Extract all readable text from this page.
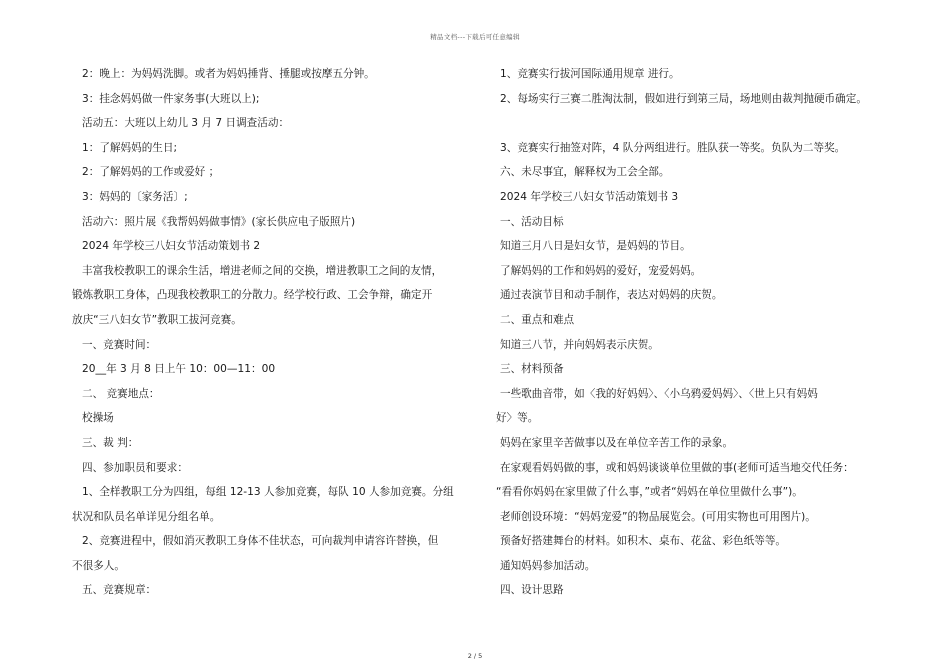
精品文档---下载后可任意编辑
2：晚上：为妈妈洗脚。或者为妈妈捶背、捶腿或按摩五分钟。
3：挂念妈妈做一件家务事(大班以上);
活动五：大班以上幼儿 3 月 7 日调查活动：
1：了解妈妈的生日;
2：了解妈妈的工作或爱好 ；
3：妈妈的〔家务活〕;
活动六：照片展《我帮妈妈做事情》(家长供应电子版照片)
2024 年学校三八妇女节活动策划书 2
丰富我校教职工的课余生活，增进老师之间的交换，增进教职工之间的友情，
锻炼教职工身体，凸现我校教职工的分散力。经学校行政、工会争辩，确定开
放庆“三八妇女节”教职工拔河竞赛。
一、竞赛时间：
20__年 3 月 8 日上午 10：00—11：00
二、 竞赛地点：
校操场
三、裁 判：
四、参加职员和要求：
1、全样教职工分为四组，每组 12-13 人参加竞赛，每队 10 人参加竞赛。分组
状况和队员名单详见分组名单。
2、竞赛进程中，假如消灭教职工身体不佳状态，可向裁判申请容许替换，但
不很多人。
五、竞赛规章：
1、竞赛实行拔河国际通用规章 进行。
2、每场实行三赛二胜淘汰制，假如进行到第三局，场地则由裁判抛硬币确定。
3、竞赛实行抽签对阵，4 队分两组进行。胜队获一等奖。负队为二等奖。
六、未尽事宜，解释权为工会全部。
2024 年学校三八妇女节活动策划书 3
一、活动目标
知道三月八日是妇女节，是妈妈的节目。
了解妈妈的工作和妈妈的爱好，宠爱妈妈。
通过表演节目和动手制作，表达对妈妈的庆贺。
二、重点和难点
知道三八节，并向妈妈表示庆贺。
三、材料预备
一些歌曲音带，如〈我的好妈妈〉、〈小乌鸦爱妈妈〉、〈世上只有妈妈
好〉等。
妈妈在家里辛苦做事以及在单位辛苦工作的录象。
在家观看妈妈做的事，或和妈妈谈谈单位里做的事(老师可适当地交代任务：
“看看你妈妈在家里做了什么事，”或者“妈妈在单位里做什么事”)。
老师创设环境：“妈妈宠爱”的物品展览会。(可用实物也可用图片)。
预备好搭建舞台的材料。如积木、桌布、花盆、彩色纸等等。
通知妈妈参加活动。
四、设计思路
2 / 5
